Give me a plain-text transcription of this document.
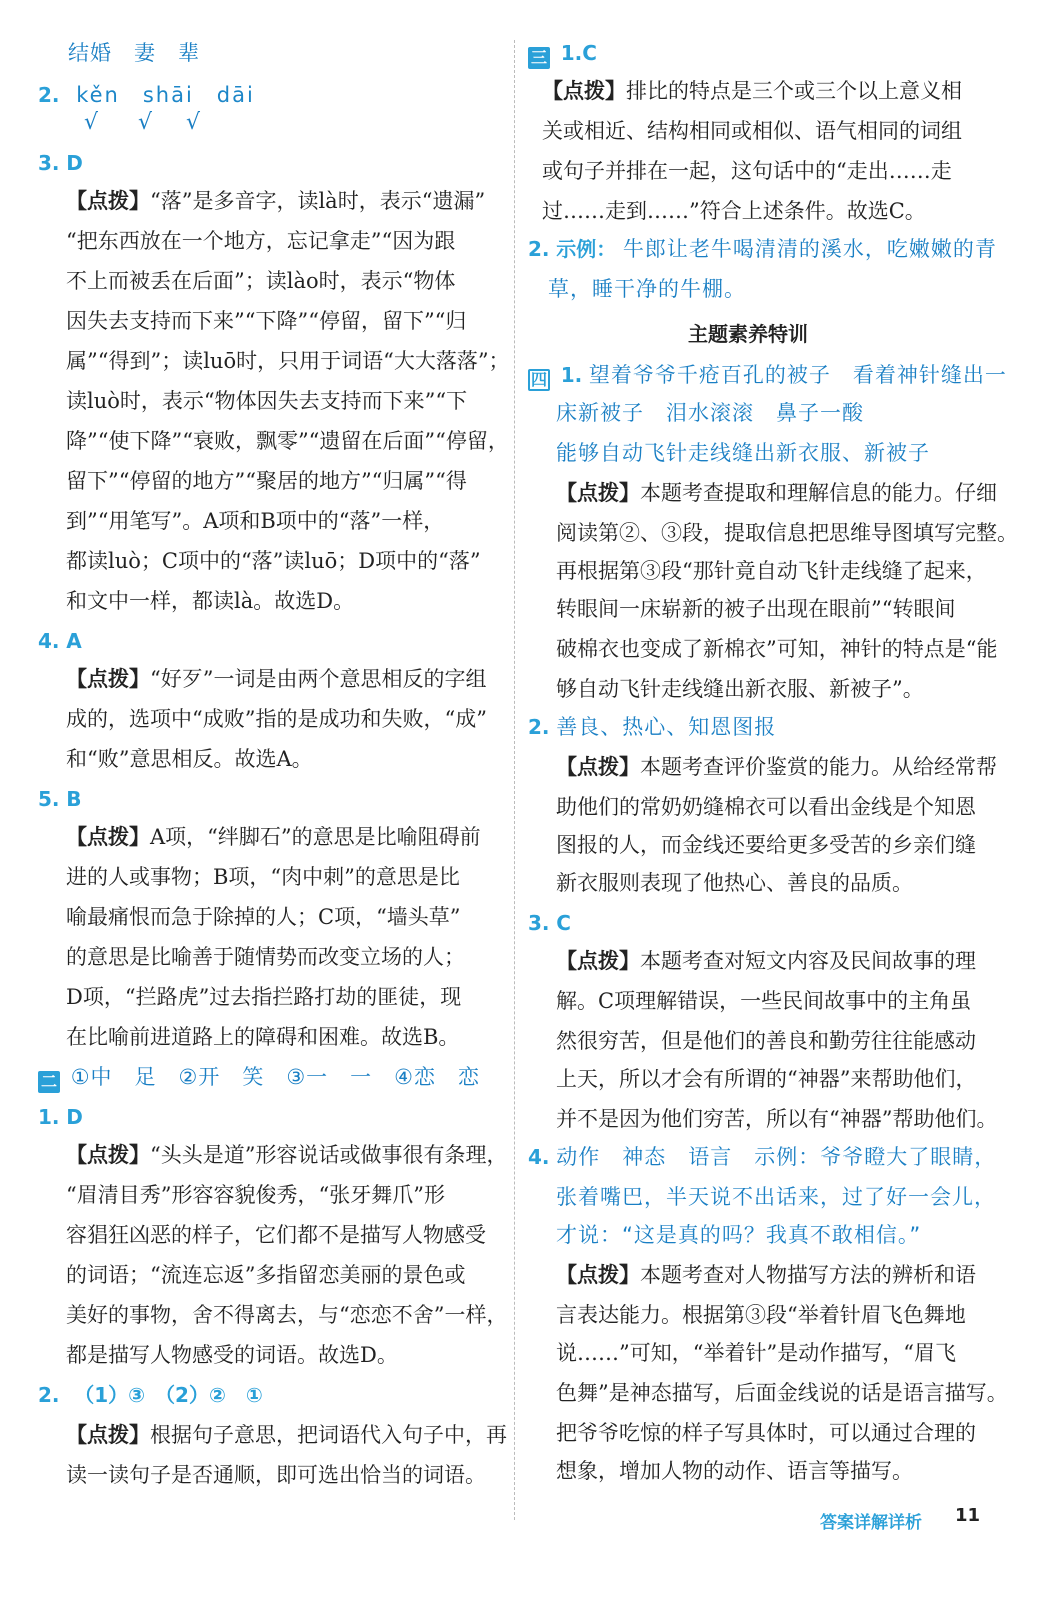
结婚　妻　辈
2. kěn　shāi　dāi
√ √ √
3. D
【点拨】“落”是多音字，读là时，表示“遗漏”
“把东西放在一个地方，忘记拿走”“因为跟
不上而被丢在后面”；读lào时，表示“物体
因失去支持而下来”“下降”“停留，留下”“归
属”“得到”；读luō时，只用于词语“大大落落”；
读luò时，表示“物体因失去支持而下来”“下
降”“使下降”“衰败，飘零”“遗留在后面”“停留，
留下”“停留的地方”“聚居的地方”“归属”“得
到”“用笔写”。A项和B项中的“落”一样，
都读luò；C项中的“落”读luō；D项中的“落”
和文中一样，都读là。故选D。
4. A
【点拨】“好歹”一词是由两个意思相反的字组
成的，选项中“成败”指的是成功和失败，“成”
和“败”意思相反。故选A。
5. B
【点拨】A项，“绊脚石”的意思是比喻阻碍前
进的人或事物；B项，“肉中刺”的意思是比
喻最痛恨而急于除掉的人；C项，“墙头草”
的意思是比喻善于随情势而改变立场的人；
D项，“拦路虎”过去指拦路打劫的匪徒，现
在比喻前进道路上的障碍和困难。故选B。
二 ①中　足　②开　笑　③一　一　④恋　恋
1. D
【点拨】“头头是道”形容说话或做事很有条理，
“眉清目秀”形容容貌俊秀，“张牙舞爪”形
容猖狂凶恶的样子，它们都不是描写人物感受
的词语；“流连忘返”多指留恋美丽的景色或
美好的事物，舍不得离去，与“恋恋不舍”一样，
都是描写人物感受的词语。故选D。
2. （1）③　（2）②　①
【点拨】根据句子意思，把词语代入句子中，再
读一读句子是否通顺，即可选出恰当的词语。
三 1.C
【点拨】排比的特点是三个或三个以上意义相
关或相近、结构相同或相似、语气相同的词组
或句子并排在一起，这句话中的“走出……走
过……走到……”符合上述条件。故选C。
2. 示例： 牛郎让老牛喝清清的溪水，吃嫩嫩的青
草，睡干净的牛棚。
主题素养特训
四 1. 望着爷爷千疮百孔的被子　看着神针缝出一
床新被子　泪水滚滚　鼻子一酸
能够自动飞针走线缝出新衣服、新被子
【点拨】本题考查提取和理解信息的能力。仔细
阅读第②、③段，提取信息把思维导图填写完整。
再根据第③段“那针竟自动飞针走线缝了起来，
转眼间一床崭新的被子出现在眼前”“转眼间
破棉衣也变成了新棉衣”可知，神针的特点是“能
够自动飞针走线缝出新衣服、新被子”。
2. 善良、热心、知恩图报
【点拨】本题考查评价鉴赏的能力。从给经常帮
助他们的常奶奶缝棉衣可以看出金线是个知恩
图报的人，而金线还要给更多受苦的乡亲们缝
新衣服则表现了他热心、善良的品质。
3. C
【点拨】本题考查对短文内容及民间故事的理
解。C项理解错误，一些民间故事中的主角虽
然很穷苦，但是他们的善良和勤劳往往能感动
上天，所以才会有所谓的“神器”来帮助他们，
并不是因为他们穷苦，所以有“神器”帮助他们。
4. 动作　神态　语言　示例：爷爷瞪大了眼睛，
张着嘴巴，半天说不出话来，过了好一会儿，
才说：“这是真的吗？我真不敢相信。”
【点拨】本题考查对人物描写方法的辨析和语
言表达能力。根据第③段“举着针眉飞色舞地
说……”可知，“举着针”是动作描写，“眉飞
色舞”是神态描写，后面金线说的话是语言描写。
把爷爷吃惊的样子写具体时，可以通过合理的
想象，增加人物的动作、语言等描写。
答案详解详析 11
